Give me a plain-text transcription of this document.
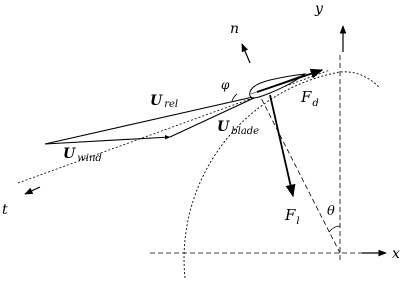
y
x
n
t
φ
θ
U rel
U $_{wind}$
U $_{blade}$
$F_d$
$F_l$
